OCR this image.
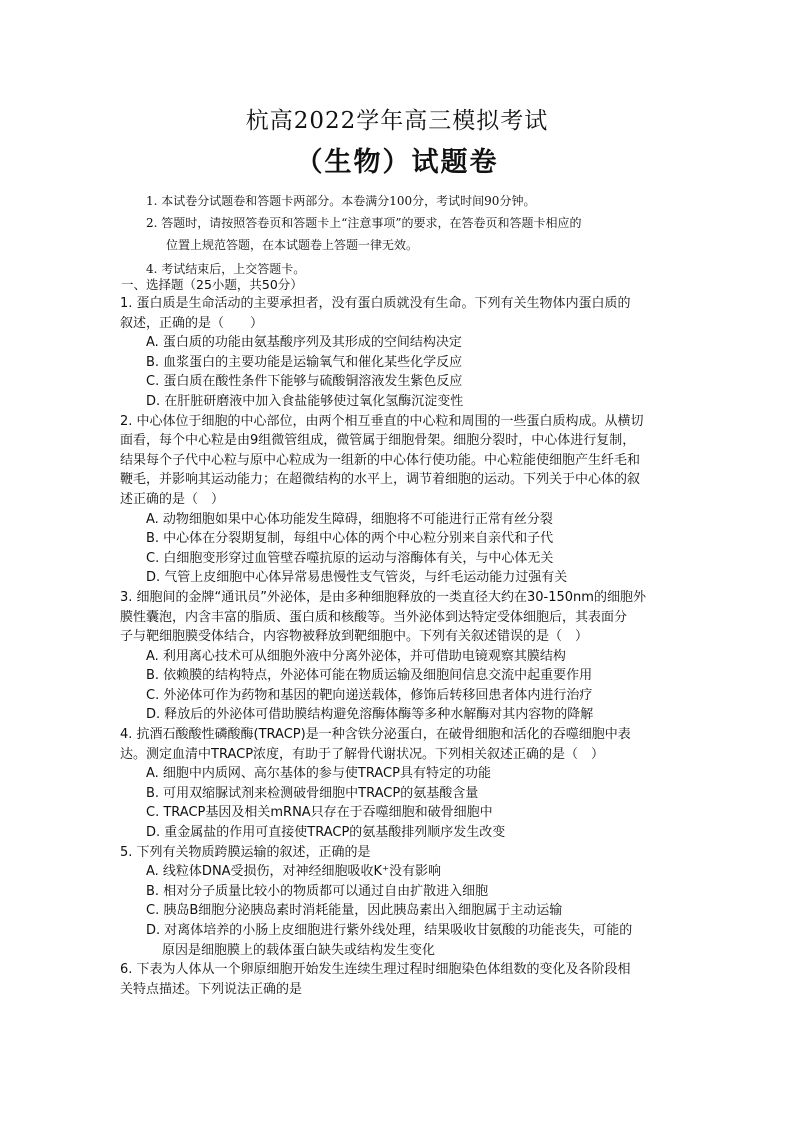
杭高2022学年高三模拟考试
（生物）试题卷
1. 本试卷分试题卷和答题卡两部分。本卷满分100分，考试时间90分钟。
2. 答题时，请按照答卷页和答题卡上“注意事项”的要求，在答卷页和答题卡相应的
位置上规范答题，在本试题卷上答题一律无效。
4. 考试结束后，上交答题卡。
一、选择题（25小题，共50分）
1. 蛋白质是生命活动的主要承担者，没有蛋白质就没有生命。下列有关生物体内蛋白质的
叙述，正确的是（　　）
A. 蛋白质的功能由氨基酸序列及其形成的空间结构决定
B. 血浆蛋白的主要功能是运输氧气和催化某些化学反应
C. 蛋白质在酸性条件下能够与硫酸铜溶液发生紫色反应
D. 在肝脏研磨液中加入食盐能够使过氧化氢酶沉淀变性
2. 中心体位于细胞的中心部位，由两个相互垂直的中心粒和周围的一些蛋白质构成。从横切
面看，每个中心粒是由9组微管组成，微管属于细胞骨架。细胞分裂时，中心体进行复制，
结果每个子代中心粒与原中心粒成为一组新的中心体行使功能。中心粒能使细胞产生纤毛和
鞭毛，并影响其运动能力；在超微结构的水平上，调节着细胞的运动。下列关于中心体的叙
述正确的是（　）
A. 动物细胞如果中心体功能发生障碍，细胞将不可能进行正常有丝分裂
B. 中心体在分裂期复制，每组中心体的两个中心粒分别来自亲代和子代
C. 白细胞变形穿过血管壁吞噬抗原的运动与溶酶体有关，与中心体无关
D. 气管上皮细胞中心体异常易患慢性支气管炎，与纤毛运动能力过强有关
3. 细胞间的金牌“通讯员”外泌体，是由多种细胞释放的一类直径大约在30-150nm的细胞外
膜性囊泡，内含丰富的脂质、蛋白质和核酸等。当外泌体到达特定受体细胞后，其表面分
子与靶细胞膜受体结合，内容物被释放到靶细胞中。下列有关叙述错误的是（　）
A. 利用离心技术可从细胞外液中分离外泌体，并可借助电镜观察其膜结构
B. 依赖膜的结构特点，外泌体可能在物质运输及细胞间信息交流中起重要作用
C. 外泌体可作为药物和基因的靶向递送载体，修饰后转移回患者体内进行治疗
D. 释放后的外泌体可借助膜结构避免溶酶体酶等多种水解酶对其内容物的降解
4. 抗酒石酸酸性磷酸酶(TRACP)是一种含铁分泌蛋白，在破骨细胞和活化的吞噬细胞中表
达。测定血清中TRACP浓度，有助于了解骨代谢状况。下列相关叙述正确的是（　）
A. 细胞中内质网、高尔基体的参与使TRACP具有特定的功能
B. 可用双缩脲试剂来检测破骨细胞中TRACP的氨基酸含量
C. TRACP基因及相关mRNA只存在于吞噬细胞和破骨细胞中
D. 重金属盐的作用可直接使TRACP的氨基酸排列顺序发生改变
5. 下列有关物质跨膜运输的叙述，正确的是
A. 线粒体DNA受损伤，对神经细胞吸收K⁺没有影响
B. 相对分子质量比较小的物质都可以通过自由扩散进入细胞
C. 胰岛B细胞分泌胰岛素时消耗能量，因此胰岛素出入细胞属于主动运输
D. 对离体培养的小肠上皮细胞进行紫外线处理，结果吸收甘氨酸的功能丧失，可能的
原因是细胞膜上的载体蛋白缺失或结构发生变化
6. 下表为人体从一个卵原细胞开始发生连续生理过程时细胞染色体组数的变化及各阶段相
关特点描述。下列说法正确的是
